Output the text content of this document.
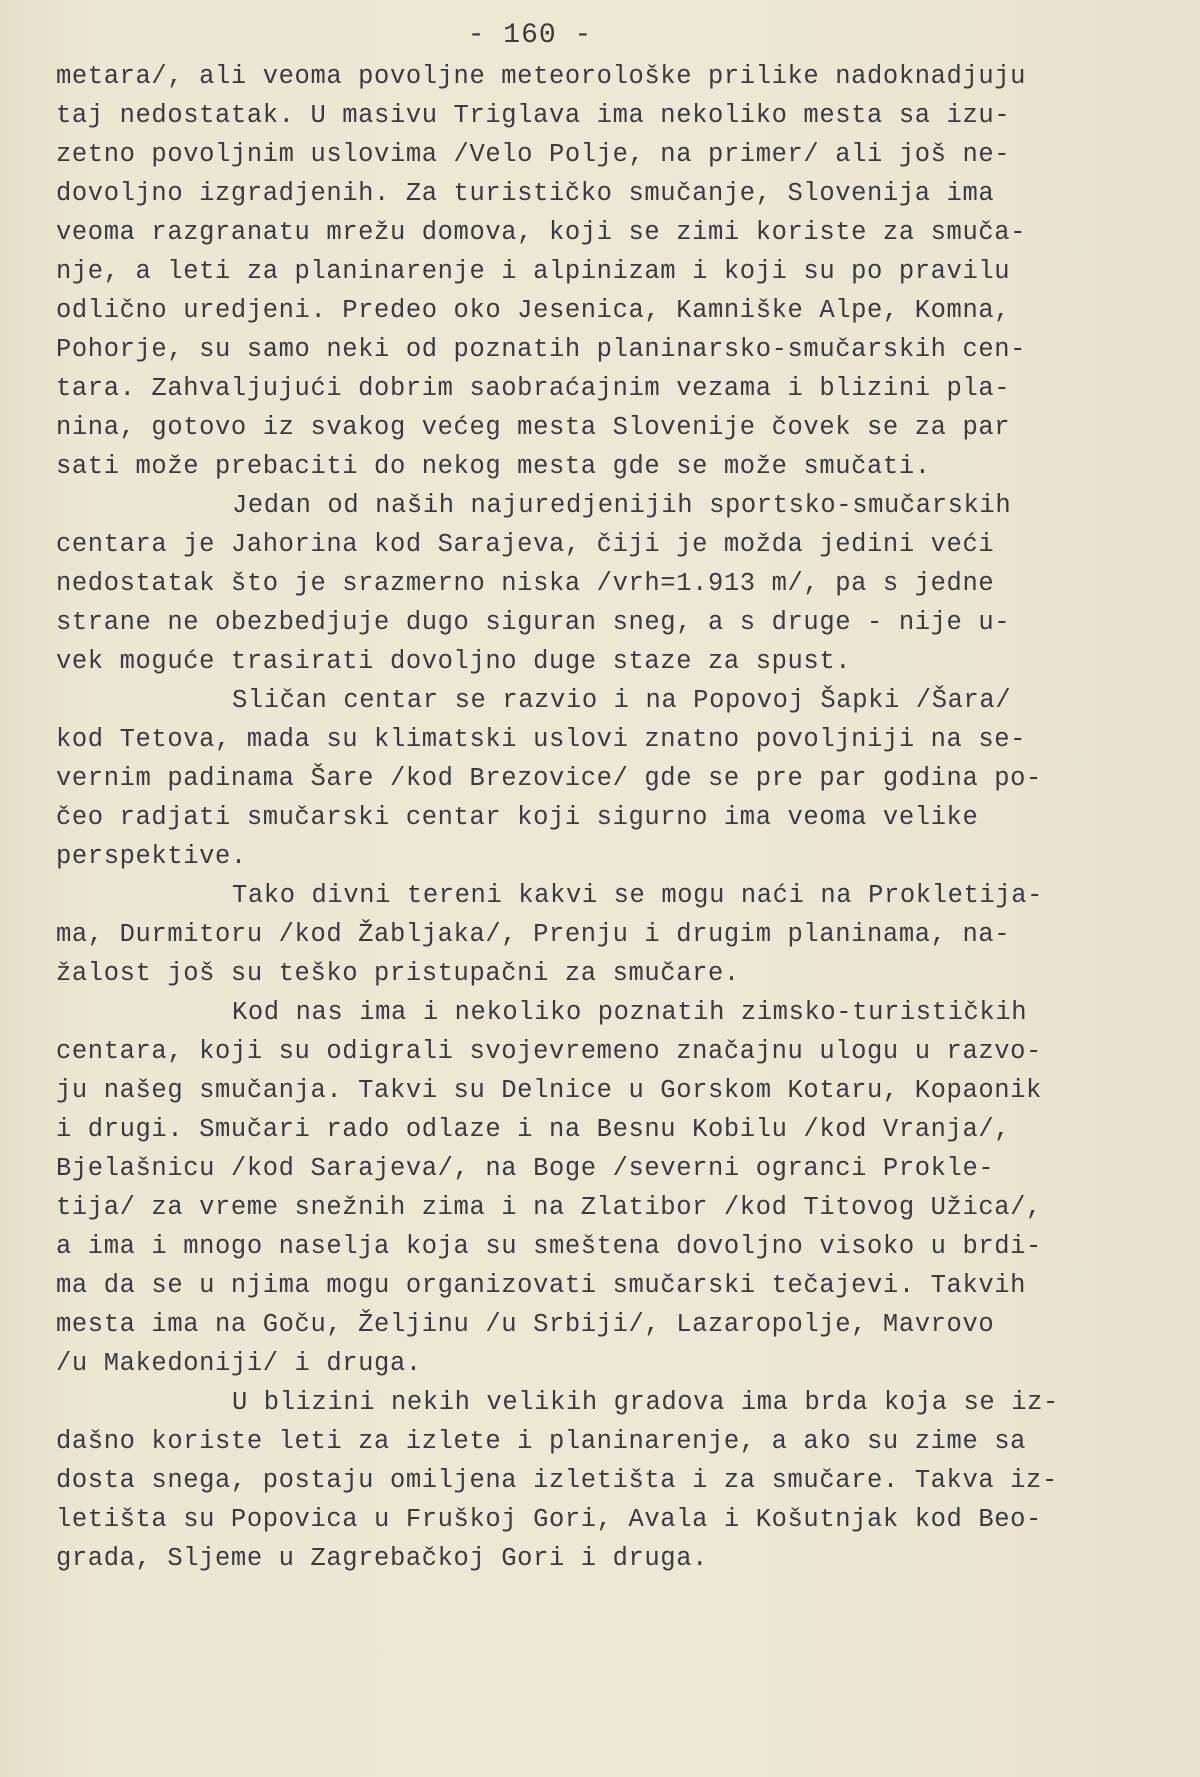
- 160 -
metara/, ali veoma povoljne meteorološke prilike nadoknadjuju
taj nedostatak. U masivu Triglava ima nekoliko mesta sa izu-
zetno povoljnim uslovima /Velo Polje, na primer/ ali još ne-
dovoljno izgradjenih. Za turističko smučanje, Slovenija ima
veoma razgranatu mrežu domova, koji se zimi koriste za smuča-
nje, a leti za planinarenje i alpinizam i koji su po pravilu
odlično uredjeni. Predeo oko Jesenica, Kamniške Alpe, Komna,
Pohorje, su samo neki od poznatih planinarsko-smučarskih cen-
tara. Zahvaljujući dobrim saobraćajnim vezama i blizini pla-
nina, gotovo iz svakog većeg mesta Slovenije čovek se za par
sati može prebaciti do nekog mesta gde se može smučati.
Jedan od naših najuredjenijih sportsko-smučarskih
centara je Jahorina kod Sarajeva, čiji je možda jedini veći
nedostatak što je srazmerno niska /vrh=1.913 m/, pa s jedne
strane ne obezbedjuje dugo siguran sneg, a s druge - nije u-
vek moguće trasirati dovoljno duge staze za spust.
Sličan centar se razvio i na Popovoj Šapki /Šara/
kod Tetova, mada su klimatski uslovi znatno povoljniji na se-
vernim padinama Šare /kod Brezovice/ gde se pre par godina po-
čeo radjati smučarski centar koji sigurno ima veoma velike
perspektive.
Tako divni tereni kakvi se mogu naći na Prokletija-
ma, Durmitoru /kod Žabljaka/, Prenju i drugim planinama, na-
žalost još su teško pristupačni za smučare.
Kod nas ima i nekoliko poznatih zimsko-turističkih
centara, koji su odigrali svojevremeno značajnu ulogu u razvo-
ju našeg smučanja. Takvi su Delnice u Gorskom Kotaru, Kopaonik
i drugi. Smučari rado odlaze i na Besnu Kobilu /kod Vranja/,
Bjelašnicu /kod Sarajeva/, na Boge /severni ogranci Prokle-
tija/ za vreme snežnih zima i na Zlatibor /kod Titovog Užica/,
a ima i mnogo naselja koja su smeštena dovoljno visoko u brdi-
ma da se u njima mogu organizovati smučarski tečajevi. Takvih
mesta ima na Goču, Željinu /u Srbiji/, Lazaropolje, Mavrovo
/u Makedoniji/ i druga.
U blizini nekih velikih gradova ima brda koja se iz-
dašno koriste leti za izlete i planinarenje, a ako su zime sa
dosta snega, postaju omiljena izletišta i za smučare. Takva iz-
letišta su Popovica u Fruškoj Gori, Avala i Košutnjak kod Beo-
grada, Sljeme u Zagrebačkoj Gori i druga.
